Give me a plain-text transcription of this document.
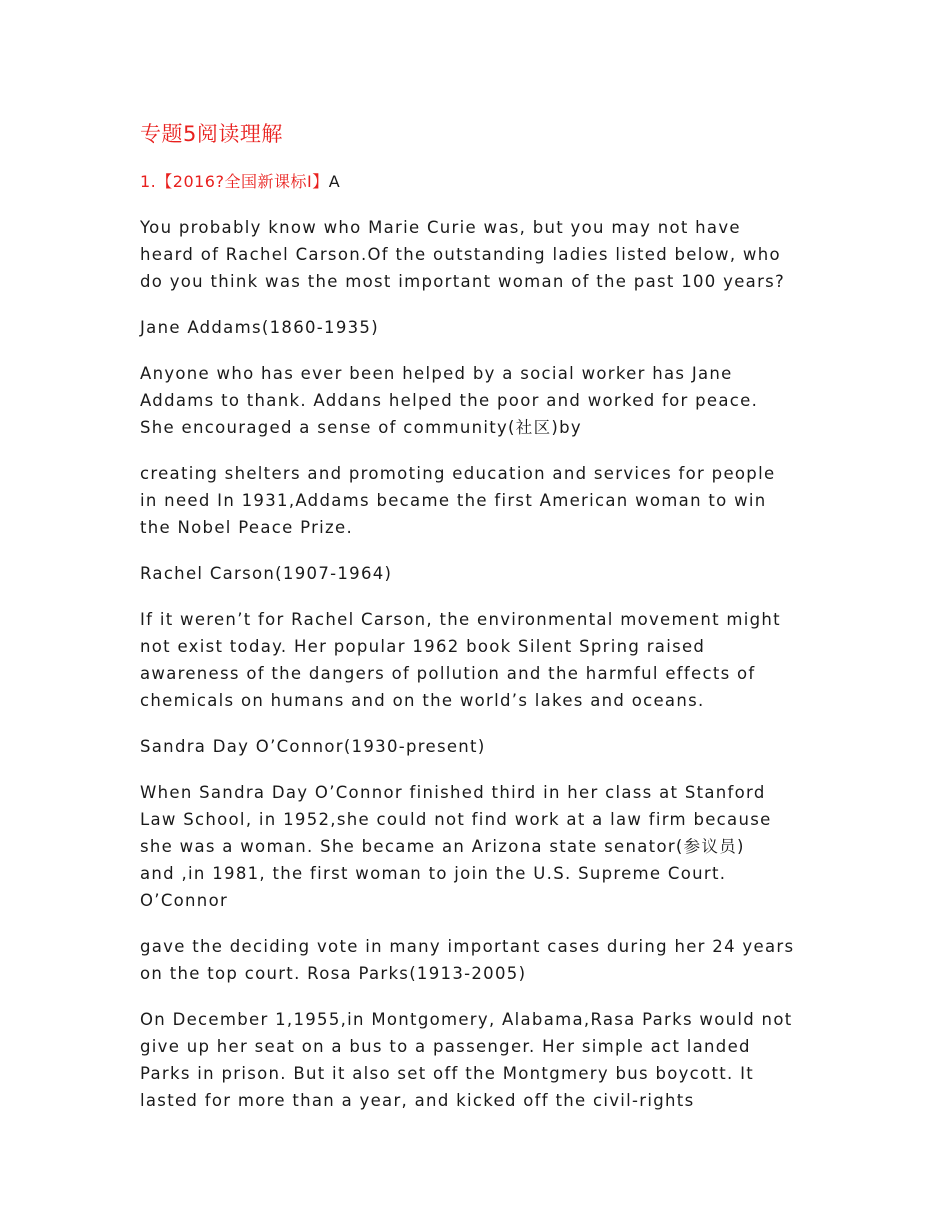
专题5阅读理解
1.【2016?全国新课标Ⅰ】A

You probably know who Marie Curie was, but you may not have
heard of Rachel Carson.Of the outstanding ladies listed below, who
do you think was the most important woman of the past 100 years?

Jane Addams(1860-1935)

Anyone who has ever been helped by a social worker has Jane
Addams to thank. Addans helped the poor and worked for peace.
She encouraged a sense of community(社区)by

creating shelters and promoting education and services for people
in need In 1931,Addams became the first American woman to win
the Nobel Peace Prize.

Rachel Carson(1907-1964)

If it weren’t for Rachel Carson, the environmental movement might
not exist today. Her popular 1962 book Silent Spring raised
awareness of the dangers of pollution and the harmful effects of
chemicals on humans and on the world’s lakes and oceans.

Sandra Day O’Connor(1930-present)

When Sandra Day O’Connor finished third in her class at Stanford
Law School, in 1952,she could not find work at a law firm because
she was a woman. She became an Arizona state senator(参议员)
and ,in 1981, the first woman to join the U.S. Supreme Court.
O’Connor

gave the deciding vote in many important cases during her 24 years
on the top court. Rosa Parks(1913-2005)

On December 1,1955,in Montgomery, Alabama,Rasa Parks would not
give up her seat on a bus to a passenger. Her simple act landed
Parks in prison. But it also set off the Montgmery bus boycott. It
lasted for more than a year, and kicked off the civil-rights
